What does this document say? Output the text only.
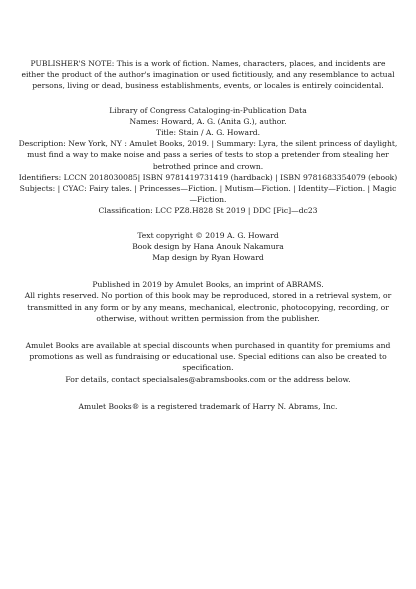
PUBLISHER'S NOTE: This is a work of fiction. Names, characters, places, and incidents are either the product of the author's imagination or used fictitiously, and any resemblance to actual persons, living or dead, business establishments, events, or locales is entirely coincidental.

Library of Congress Cataloging-in-Publication Data

Names: Howard, A. G. (Anita G.), author.

Title: Stain / A. G. Howard.

Description: New York, NY : Amulet Books, 2019. | Summary: Lyra, the silent princess of daylight, must find a way to make noise and pass a series of tests to stop a pretender from stealing her betrothed prince and crown.

Identifiers: LCCN 2018030085| ISBN 9781419731419 (hardback) | ISBN 9781683354079 (ebook)

Subjects: | CYAC: Fairy tales. | Princesses—Fiction. | Mutism—Fiction. | Identity—Fiction. | Magic—Fiction.

Classification: LCC PZ8.H828 St 2019 | DDC [Fic]—dc23

Text copyright © 2019 A. G. Howard

Book design by Hana Anouk Nakamura

Map design by Ryan Howard

Published in 2019 by Amulet Books, an imprint of ABRAMS.

All rights reserved. No portion of this book may be reproduced, stored in a retrieval system, or transmitted in any form or by any means, mechanical, electronic, photocopying, recording, or otherwise, without written permission from the publisher.

Amulet Books are available at special discounts when purchased in quantity for premiums and promotions as well as fundraising or educational use. Special editions can also be created to specification.

For details, contact specialsales@abramsbooks.com or the address below.

Amulet Books® is a registered trademark of Harry N. Abrams, Inc.
